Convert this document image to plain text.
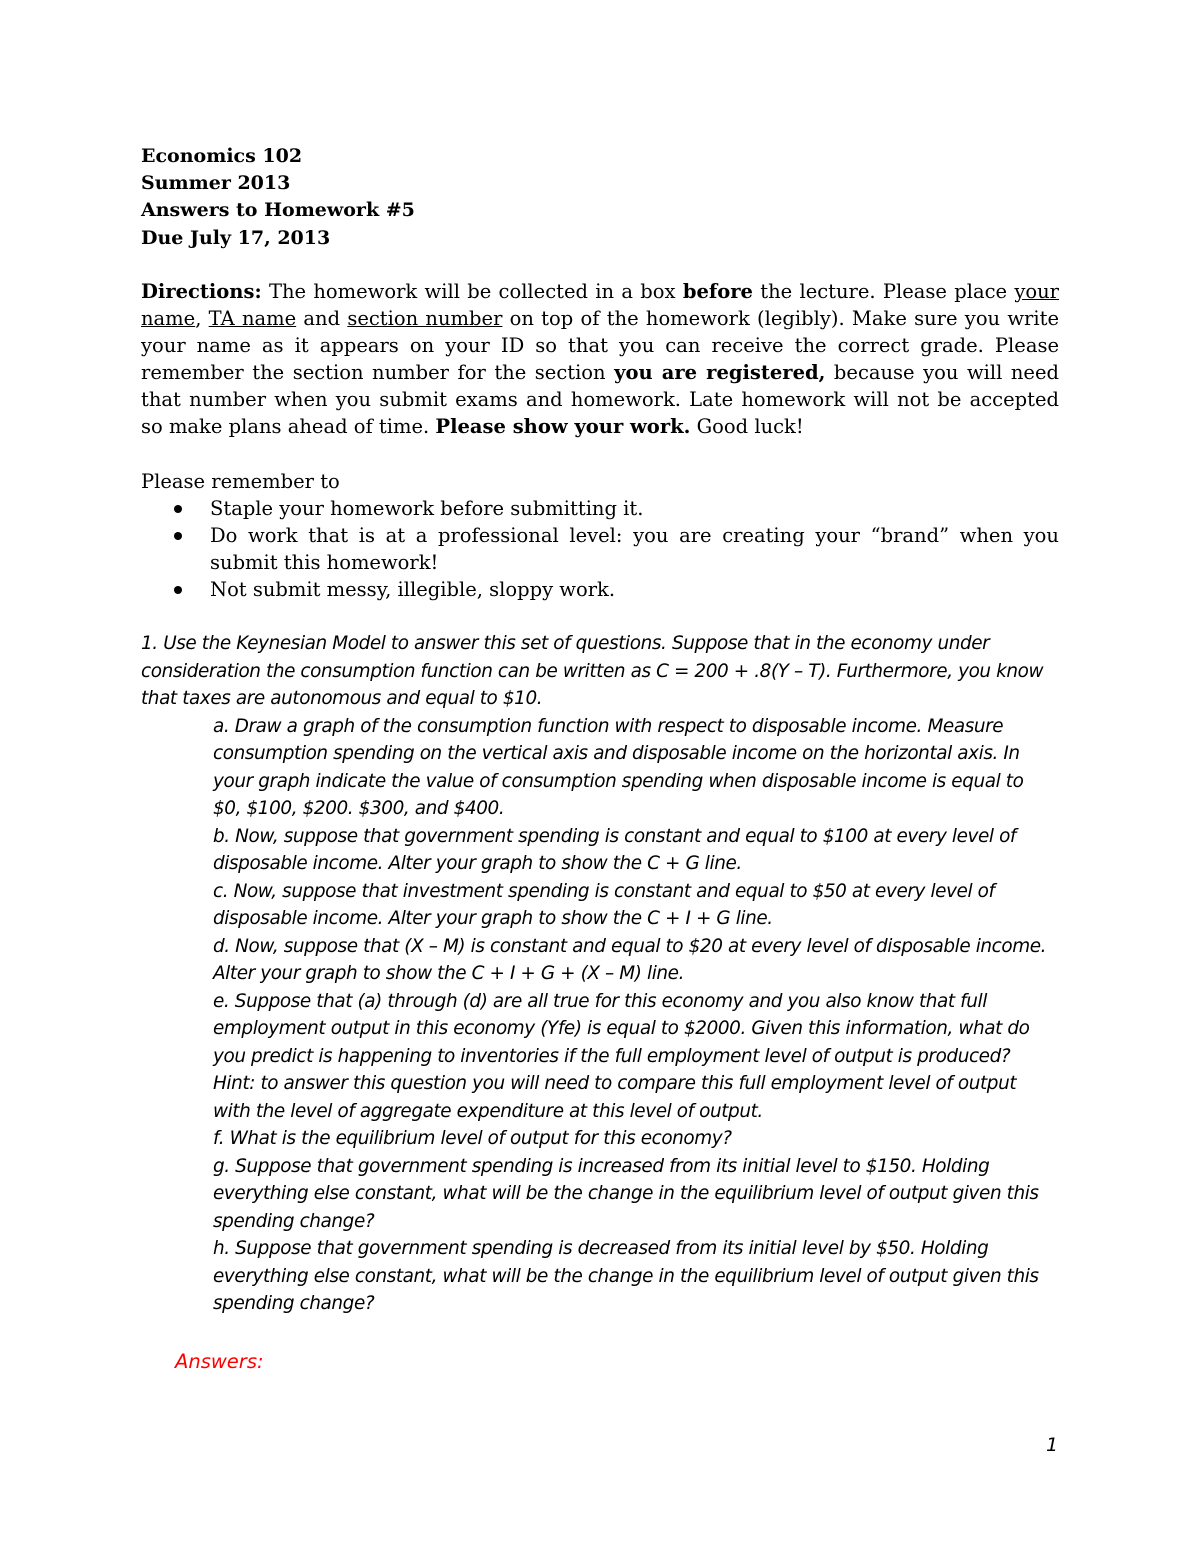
Economics 102
Summer 2013
Answers to Homework #5
Due July 17, 2013
Directions: The homework will be collected in a box before the lecture. Please place your name, TA name and section number on top of the homework (legibly). Make sure you write your name as it appears on your ID so that you can receive the correct grade. Please remember the section number for the section you are registered, because you will need that number when you submit exams and homework. Late homework will not be accepted so make plans ahead of time. Please show your work. Good luck!
Please remember to
Staple your homework before submitting it.
Do work that is at a professional level: you are creating your “brand” when you submit this homework!
Not submit messy, illegible, sloppy work.

1. Use the Keynesian Model to answer this set of questions. Suppose that in the economy under consideration the consumption function can be written as C = 200 + .8(Y – T). Furthermore, you know that taxes are autonomous and equal to $10.

a. Draw a graph of the consumption function with respect to disposable income. Measure consumption spending on the vertical axis and disposable income on the horizontal axis. In your graph indicate the value of consumption spending when disposable income is equal to $0, $100, $200. $300, and $400.
b. Now, suppose that government spending is constant and equal to $100 at every level of disposable income. Alter your graph to show the C + G line.
c. Now, suppose that investment spending is constant and equal to $50 at every level of disposable income. Alter your graph to show the C + I + G line.
d. Now, suppose that (X – M) is constant and equal to $20 at every level of disposable income. Alter your graph to show the C + I + G + (X – M) line.
e. Suppose that (a) through (d) are all true for this economy and you also know that full employment output in this economy (Yfe) is equal to $2000. Given this information, what do you predict is happening to inventories if the full employment level of output is produced? Hint: to answer this question you will need to compare this full employment level of output with the level of aggregate expenditure at this level of output.
f. What is the equilibrium level of output for this economy?
g. Suppose that government spending is increased from its initial level to $150. Holding everything else constant, what will be the change in the equilibrium level of output given this spending change?
h. Suppose that government spending is decreased from its initial level by $50. Holding everything else constant, what will be the change in the equilibrium level of output given this spending change?
Answers:
1
